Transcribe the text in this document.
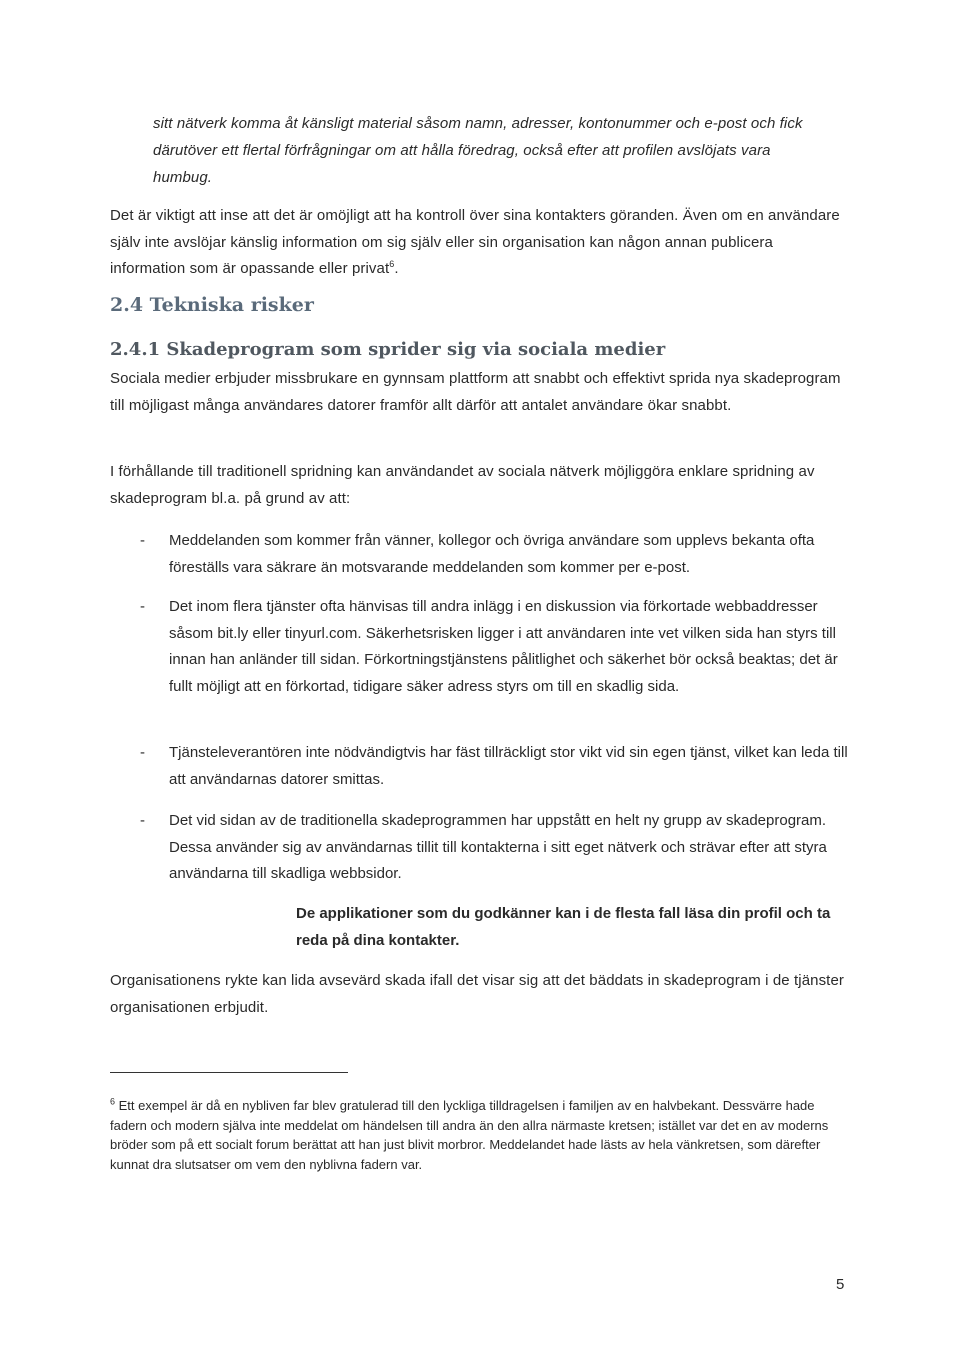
sitt nätverk komma åt känsligt material såsom namn, adresser, kontonummer och e-post och fick därutöver ett flertal förfrågningar om att hålla föredrag, också efter att profilen avslöjats vara humbug.

Det är viktigt att inse att det är omöjligt att ha kontroll över sina kontakters göranden. Även om en användare själv inte avslöjar känslig information om sig själv eller sin organisation kan någon annan publicera information som är opassande eller privat$^6$.

2.4 Tekniska risker
2.4.1 Skadeprogram som sprider sig via sociala medier

Sociala medier erbjuder missbrukare en gynnsam plattform att snabbt och effektivt sprida nya skadeprogram till möjligast många användares datorer framför allt därför att antalet användare ökar snabbt.

I förhållande till traditionell spridning kan användandet av sociala nätverk möjliggöra enklare spridning av skadeprogram bl.a. på grund av att:

-	Meddelanden som kommer från vänner, kollegor och övriga användare som upplevs bekanta ofta föreställs vara säkrare än motsvarande meddelanden som kommer per e-post.

-	Det inom flera tjänster ofta hänvisas till andra inlägg i en diskussion via förkortade webbaddresser såsom bit.ly eller tinyurl.com. Säkerhetsrisken ligger i att användaren inte vet vilken sida han styrs till innan han anländer till sidan. Förkortningstjänstens pålitlighet och säkerhet bör också beaktas; det är fullt möjligt att en förkortad, tidigare säker adress styrs om till en skadlig sida.

-	Tjänsteleverantören inte nödvändigtvis har fäst tillräckligt stor vikt vid sin egen tjänst, vilket kan leda till att användarnas datorer smittas.

-	Det vid sidan av de traditionella skadeprogrammen har uppstått en helt ny grupp av skadeprogram. Dessa använder sig av användarnas tillit till kontakterna i sitt eget nätverk och strävar efter att styra användarna till skadliga webbsidor.

De applikationer som du godkänner kan i de flesta fall läsa din profil och ta reda på dina kontakter.

Organisationens rykte kan lida avsevärd skada ifall det visar sig att det bäddats in skadeprogram i de tjänster organisationen erbjudit.

$^6$ Ett exempel är då en nybliven far blev gratulerad till den lyckliga tilldragelsen i familjen av en halvbekant. Dessvärre hade fadern och modern själva inte meddelat om händelsen till andra än den allra närmaste kretsen; istället var det en av moderns bröder som på ett socialt forum berättat att han just blivit morbror. Meddelandet hade lästs av hela vänkretsen, som därefter kunnat dra slutsatser om vem den nyblivna fadern var.

5
